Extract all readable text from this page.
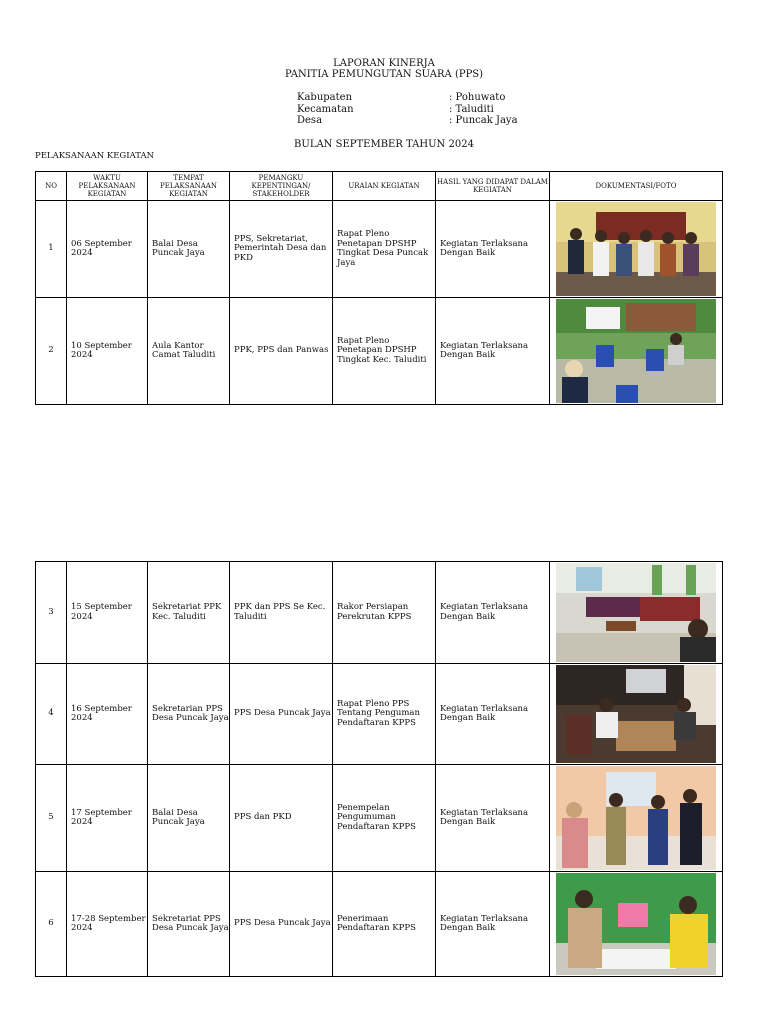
LAPORAN KINERJA
PANITIA PEMUNGUTAN SUARA (PPS)
Kabupaten	: Pohuwato
Kecamatan	: Taluditi
Desa	: Puncak Jaya
BULAN SEPTEMBER TAHUN 2024
PELAKSANAAN KEGIATAN
NO	WAKTU PELAKSANAAN KEGIATAN	TEMPAT PELAKSANAAN KEGIATAN	PEMANGKU KEPENTINGAN/ STAKEHOLDER	URAIAN KEGIATAN	HASIL YANG DIDAPAT DALAM KEGIATAN	DOKUMENTASI/FOTO
1	06 September 2024	Balai Desa Puncak Jaya	PPS, Sekretariat, Pemerintah Desa dan PKD	Rapat Pleno Penetapan DPSHP Tingkat Desa Puncak Jaya	Kegiatan Terlaksana Dengan Baik	

2	10 September 2024	Aula Kantor Camat Taluditi	PPK, PPS dan Panwas	Rapat Pleno Penetapan DPSHP Tingkat Kec. Taluditi	Kegiatan Terlaksana Dengan Baik	
3	15 September 2024	Sekretariat PPK Kec. Taluditi	PPK dan PPS Se Kec. Taluditi	Rakor Persiapan Perekrutan KPPS	Kegiatan Terlaksana Dengan Baik	

4	16 September 2024	Sekretarian PPS Desa Puncak Jaya	PPS Desa Puncak Jaya	Rapat Pleno PPS Tentang Penguman Pendaftaran KPPS	Kegiatan Terlaksana Dengan Baik	

5	17 September 2024	Balai Desa Puncak Jaya	PPS dan PKD	Penempelan Pengumuman Pendaftaran KPPS	Kegiatan Terlaksana Dengan Baik	

6	17-28 September 2024	Sekretariat PPS Desa Puncak Jaya	PPS Desa Puncak Jaya	Penerimaan Pendaftaran KPPS	Kegiatan Terlaksana Dengan Baik	
